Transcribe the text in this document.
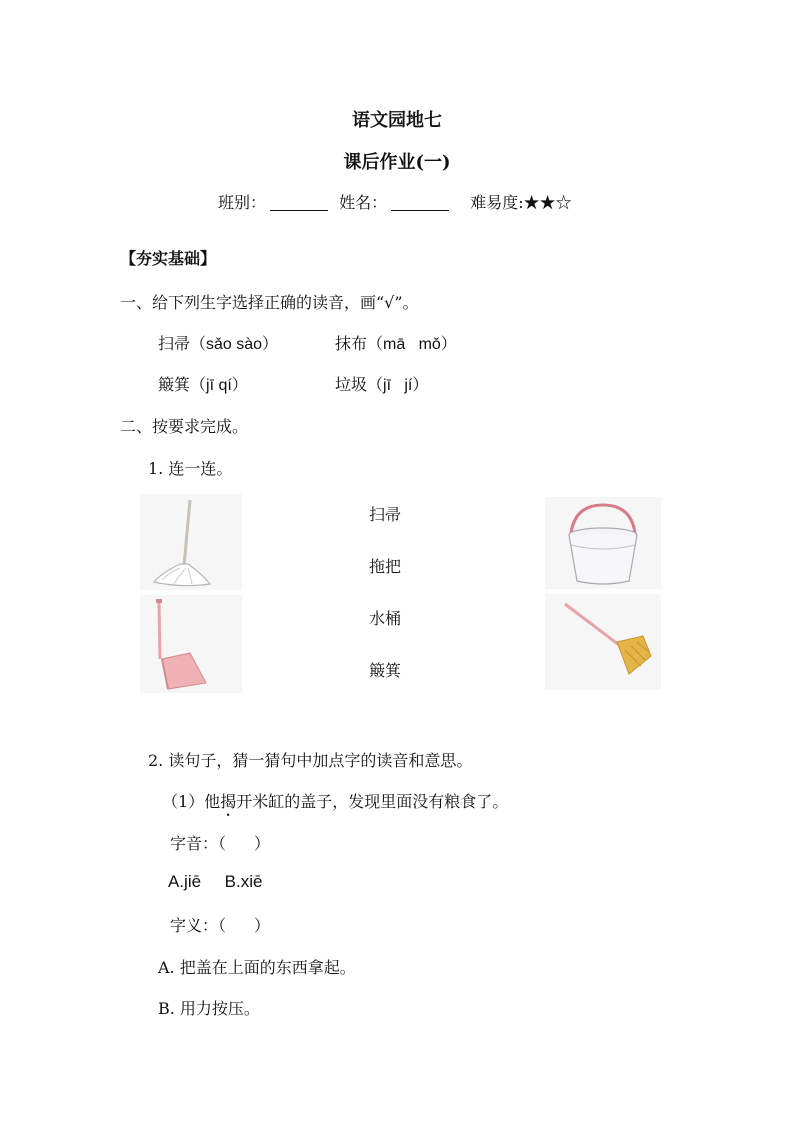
语文园地七
课后作业(一)
班别：	姓名：	难易度:★★☆
【夯实基础】
一、给下列生字选择正确的读音，画“√”。
扫帚（sǎo sào）	抹布（mā   mǒ）
簸箕（jī qí）	垃圾（jī   jí）
二、按要求完成。
1. 连一连。
扫帚
拖把
水桶
簸箕
2. 读句子，猜一猜句中加点字的读音和意思。
（1）他揭开米缸的盖子，发现里面没有粮食了。
字音：（ ）
A.jiē     B.xiē
字义：（ ）
A. 把盖在上面的东西拿起。
B. 用力按压。
